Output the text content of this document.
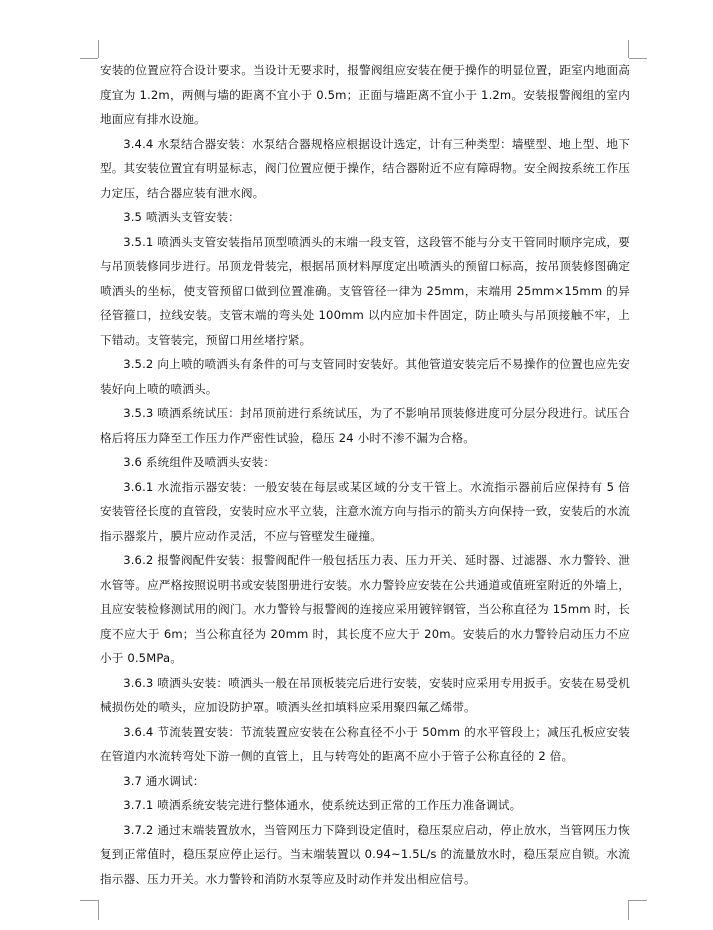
安装的位置应符合设计要求。当设计无要求时，报警阀组应安装在便于操作的明显位置，距室内地面高度宜为 1.2m，两侧与墙的距离不宜小于 0.5m；正面与墙距离不宜小于 1.2m。安装报警阀组的室内地面应有排水设施。

3.4.4 水泵结合器安装：水泵结合器规格应根据设计选定，计有三种类型：墙壁型、地上型、地下型。其安装位置宜有明显标志，阀门位置应便于操作，结合器附近不应有障碍物。安全阀按系统工作压力定压，结合器应装有泄水阀。

3.5 喷洒头支管安装：

3.5.1 喷洒头支管安装指吊顶型喷洒头的末端一段支管，这段管不能与分支干管同时顺序完成，要与吊顶装修同步进行。吊顶龙骨装完，根据吊顶材料厚度定出喷洒头的预留口标高，按吊顶装修图确定喷洒头的坐标，使支管预留口做到位置准确。支管管径一律为 25mm，末端用 25mm×15mm 的异径管箍口，拉线安装。支管末端的弯头处 100mm 以内应加卡件固定，防止喷头与吊顶接触不牢，上下错动。支管装完，预留口用丝堵拧紧。

3.5.2 向上喷的喷洒头有条件的可与支管同时安装好。其他管道安装完后不易操作的位置也应先安装好向上喷的喷洒头。

3.5.3 喷洒系统试压：封吊顶前进行系统试压，为了不影响吊顶装修进度可分层分段进行。试压合格后将压力降至工作压力作严密性试验，稳压 24 小时不渗不漏为合格。

3.6 系统组件及喷洒头安装：

3.6.1 水流指示器安装：一般安装在每层或某区域的分支干管上。水流指示器前后应保持有 5 倍安装管径长度的直管段，安装时应水平立装，注意水流方向与指示的箭头方向保持一致，安装后的水流指示器浆片，膜片应动作灵活，不应与管壁发生碰撞。

3.6.2 报警阀配件安装：报警阀配件一般包括压力表、压力开关、延时器、过滤器、水力警铃、泄水管等。应严格按照说明书或安装图册进行安装。水力警铃应安装在公共通道或值班室附近的外墙上，且应安装检修测试用的阀门。水力警铃与报警阀的连接应采用镀锌钢管，当公称直径为 15mm 时，长度不应大于 6m；当公称直径为 20mm 时，其长度不应大于 20m。安装后的水力警铃启动压力不应小于 0.5MPa。

3.6.3 喷洒头安装：喷洒头一般在吊顶板装完后进行安装，安装时应采用专用扳手。安装在易受机械损伤处的喷头，应加设防护罩。喷洒头丝扣填料应采用聚四氟乙烯带。

3.6.4 节流装置安装：节流装置应安装在公称直径不小于 50mm 的水平管段上；减压孔板应安装在管道内水流转弯处下游一侧的直管上，且与转弯处的距离不应小于管子公称直径的 2 倍。

3.7 通水调试：

3.7.1 喷洒系统安装完进行整体通水，使系统达到正常的工作压力准备调试。

3.7.2 通过末端装置放水，当管网压力下降到设定值时，稳压泵应启动，停止放水，当管网压力恢复到正常值时，稳压泵应停止运行。当末端装置以 0.94~1.5L/s 的流量放水时，稳压泵应自锁。水流指示器、压力开关。水力警铃和消防水泵等应及时动作并发出相应信号。
